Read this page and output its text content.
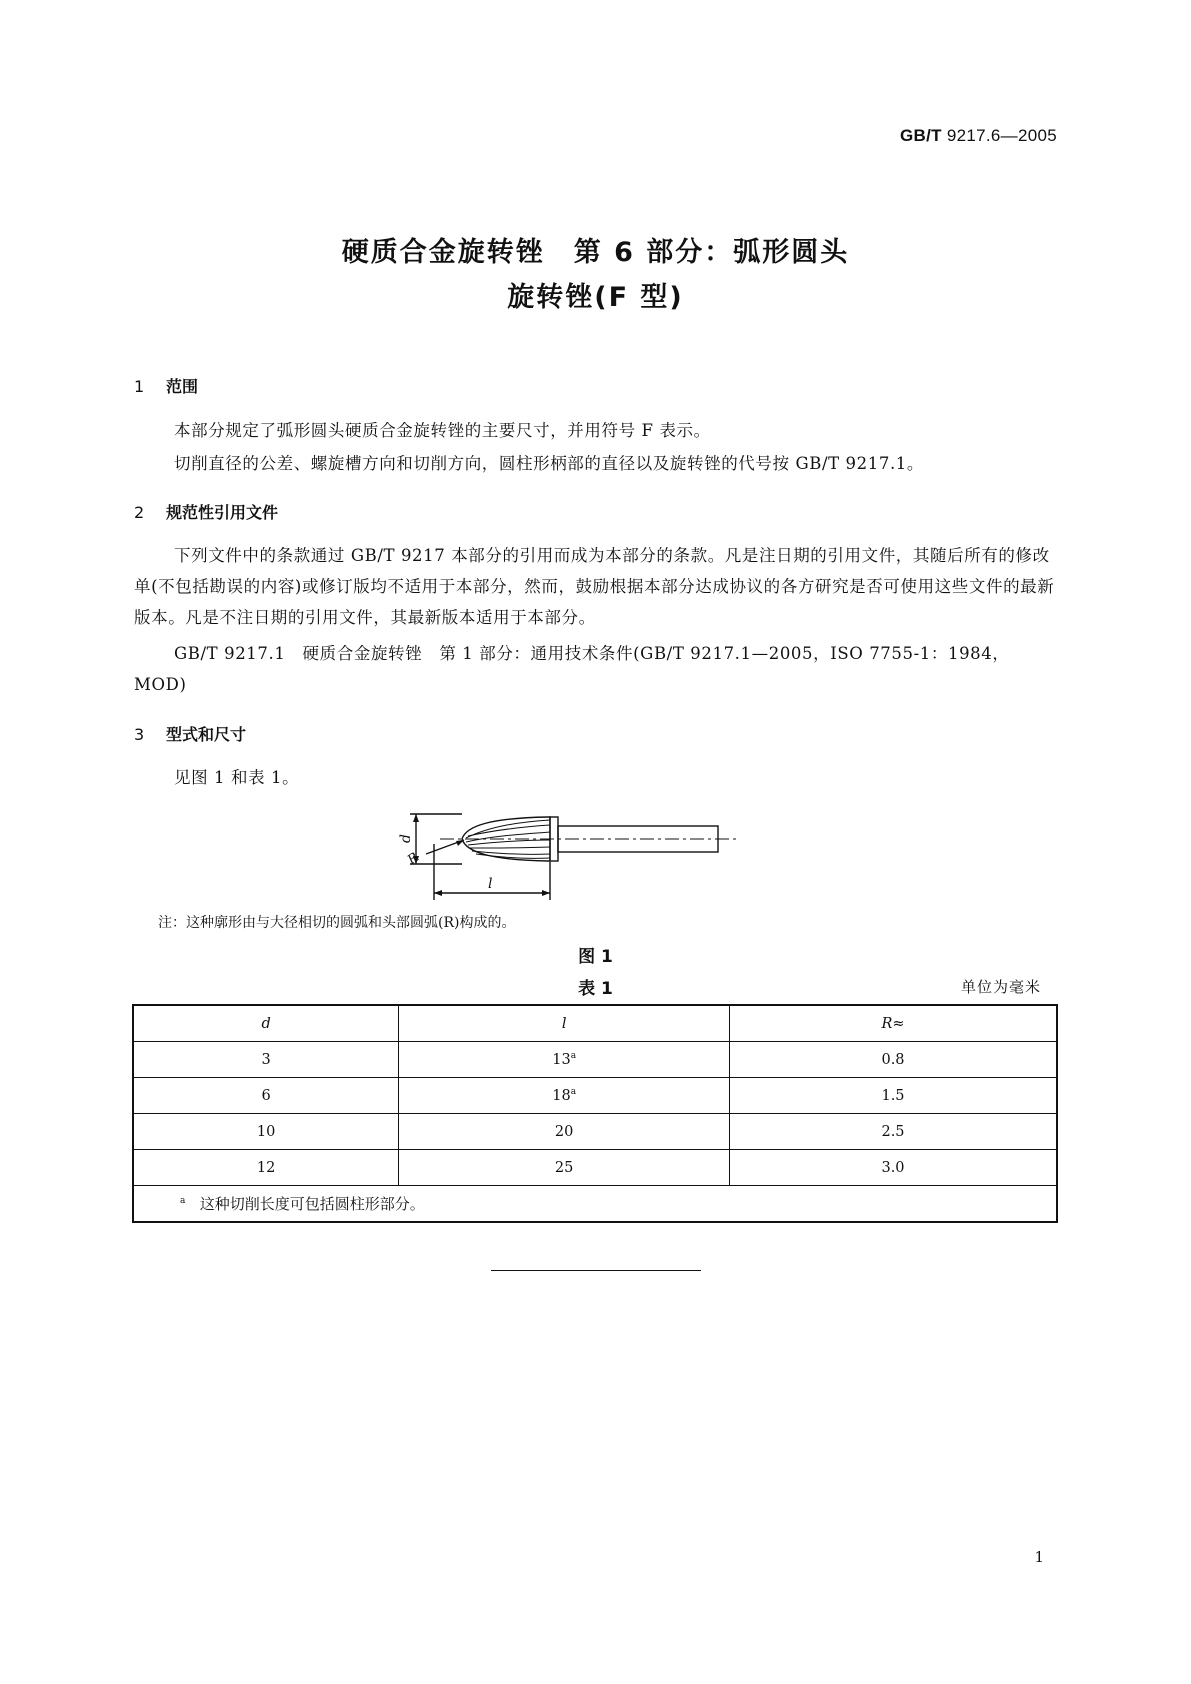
GB/T 9217.6—2005
硬质合金旋转锉　第 6 部分：弧形圆头
旋转锉(F 型)
1 范围
本部分规定了弧形圆头硬质合金旋转锉的主要尺寸，并用符号 F 表示。
切削直径的公差、螺旋槽方向和切削方向，圆柱形柄部的直径以及旋转锉的代号按 GB/T 9217.1。
2 规范性引用文件
下列文件中的条款通过 GB/T 9217 本部分的引用而成为本部分的条款。凡是注日期的引用文件，其随后所有的修改单(不包括勘误的内容)或修订版均不适用于本部分，然而，鼓励根据本部分达成协议的各方研究是否可使用这些文件的最新版本。凡是不注日期的引用文件，其最新版本适用于本部分。
GB/T 9217.1　硬质合金旋转锉　第 1 部分：通用技术条件(GB/T 9217.1—2005，ISO 7755-1：1984，MOD)
3 型式和尺寸
见图 1 和表 1。
d
R
l
注：这种廓形由与大径相切的圆弧和头部圆弧(R)构成的。
图 1
表 1	单位为毫米
d	l	R≈
3	13$^a$	0.8
6	18$^a$	1.5
10	20	2.5
12	25	3.0
$^a$ 这种切削长度可包括圆柱形部分。		
1
